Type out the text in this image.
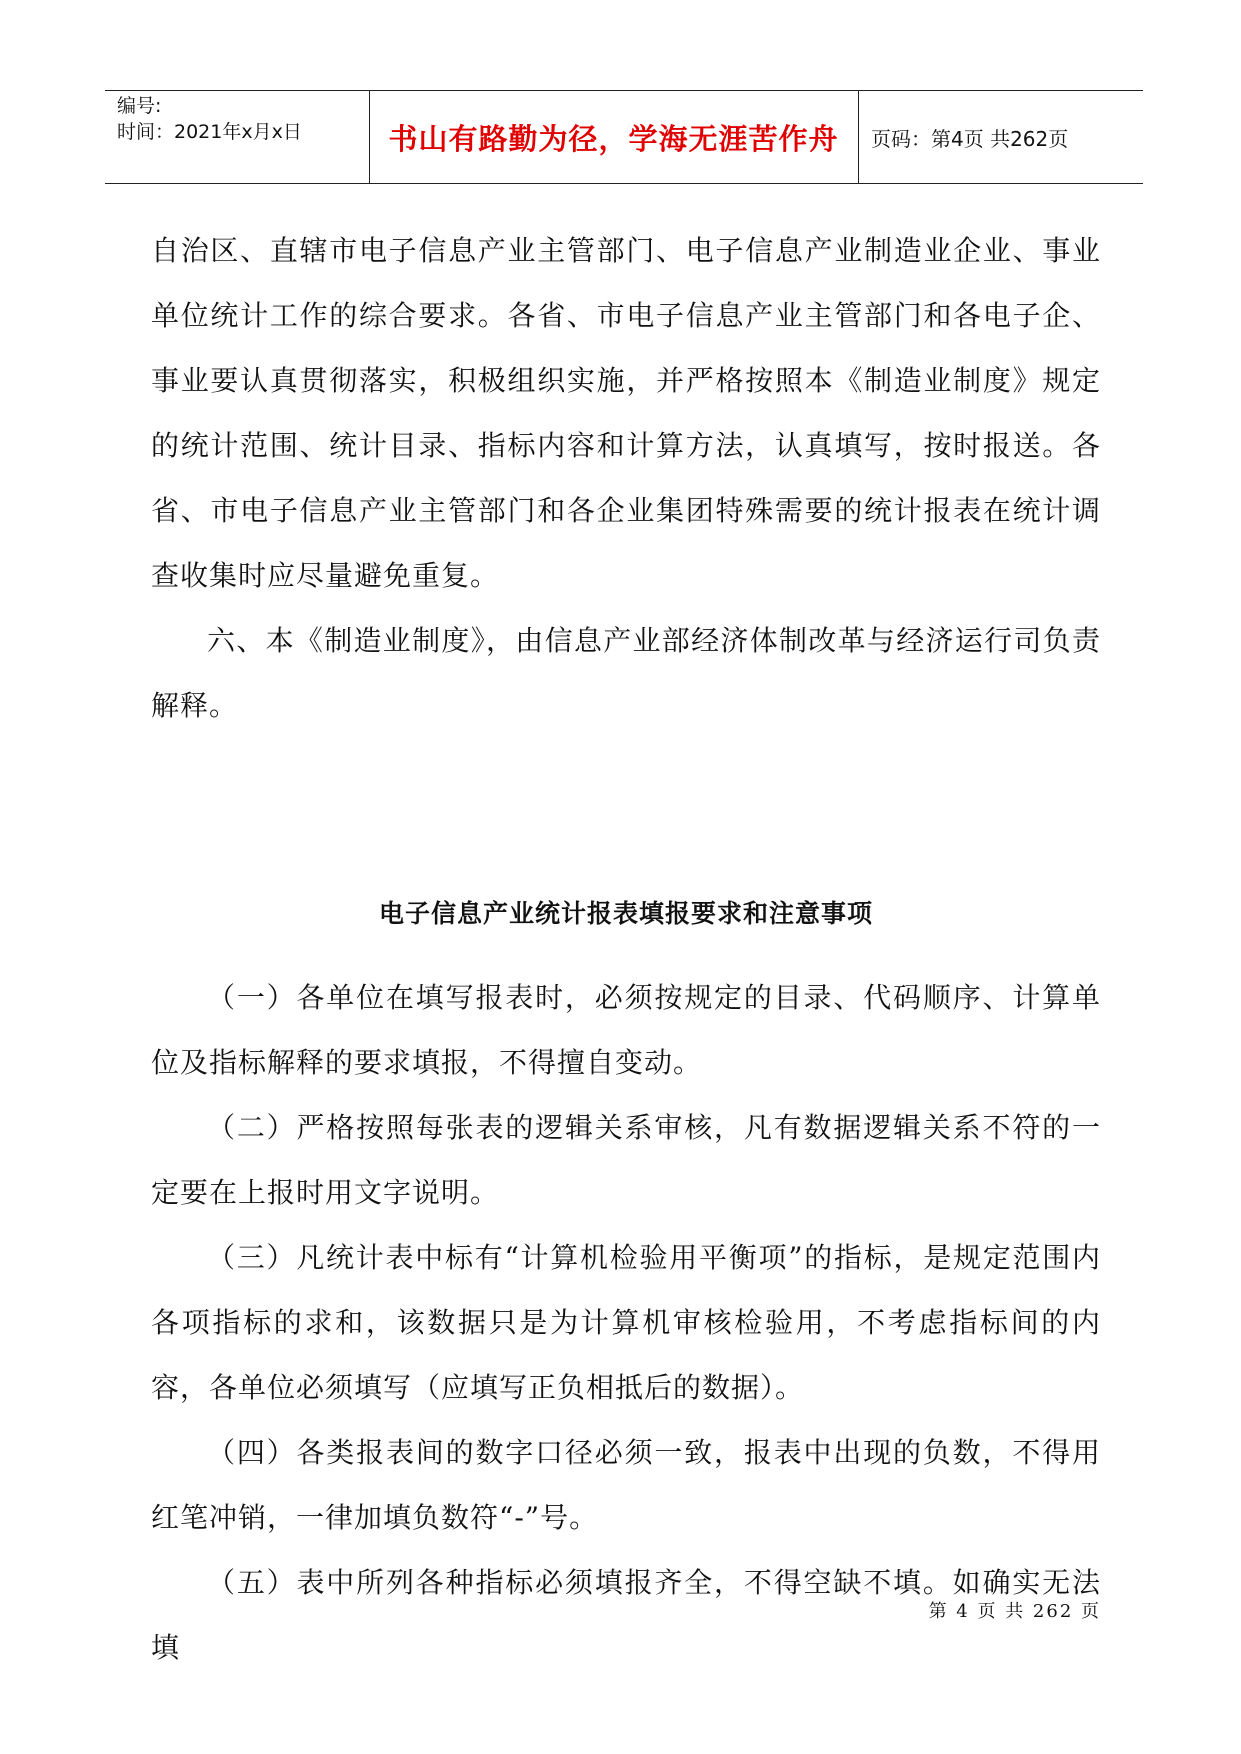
编号:
时间：2021年x月x日	书山有路勤为径，学海无涯苦作舟	页码：第4页 共262页

自治区、直辖市电子信息产业主管部门、电子信息产业制造业企业、事业单位统计工作的综合要求。各省、市电子信息产业主管部门和各电子企、事业要认真贯彻落实，积极组织实施，并严格按照本《制造业制度》规定的统计范围、统计目录、指标内容和计算方法，认真填写，按时报送。各省、市电子信息产业主管部门和各企业集团特殊需要的统计报表在统计调查收集时应尽量避免重复。

六、本《制造业制度》，由信息产业部经济体制改革与经济运行司负责解释。

电子信息产业统计报表填报要求和注意事项

（一）各单位在填写报表时，必须按规定的目录、代码顺序、计算单位及指标解释的要求填报，不得擅自变动。

（二）严格按照每张表的逻辑关系审核，凡有数据逻辑关系不符的一定要在上报时用文字说明。

（三）凡统计表中标有“计算机检验用平衡项”的指标，是规定范围内各项指标的求和，该数据只是为计算机审核检验用，不考虑指标间的内容，各单位必须填写（应填写正负相抵后的数据）。

（四）各类报表间的数字口径必须一致，报表中出现的负数，不得用红笔冲销，一律加填负数符“-”号。

（五）表中所列各种指标必须填报齐全，不得空缺不填。如确实无法填

第 4 页 共 262 页
